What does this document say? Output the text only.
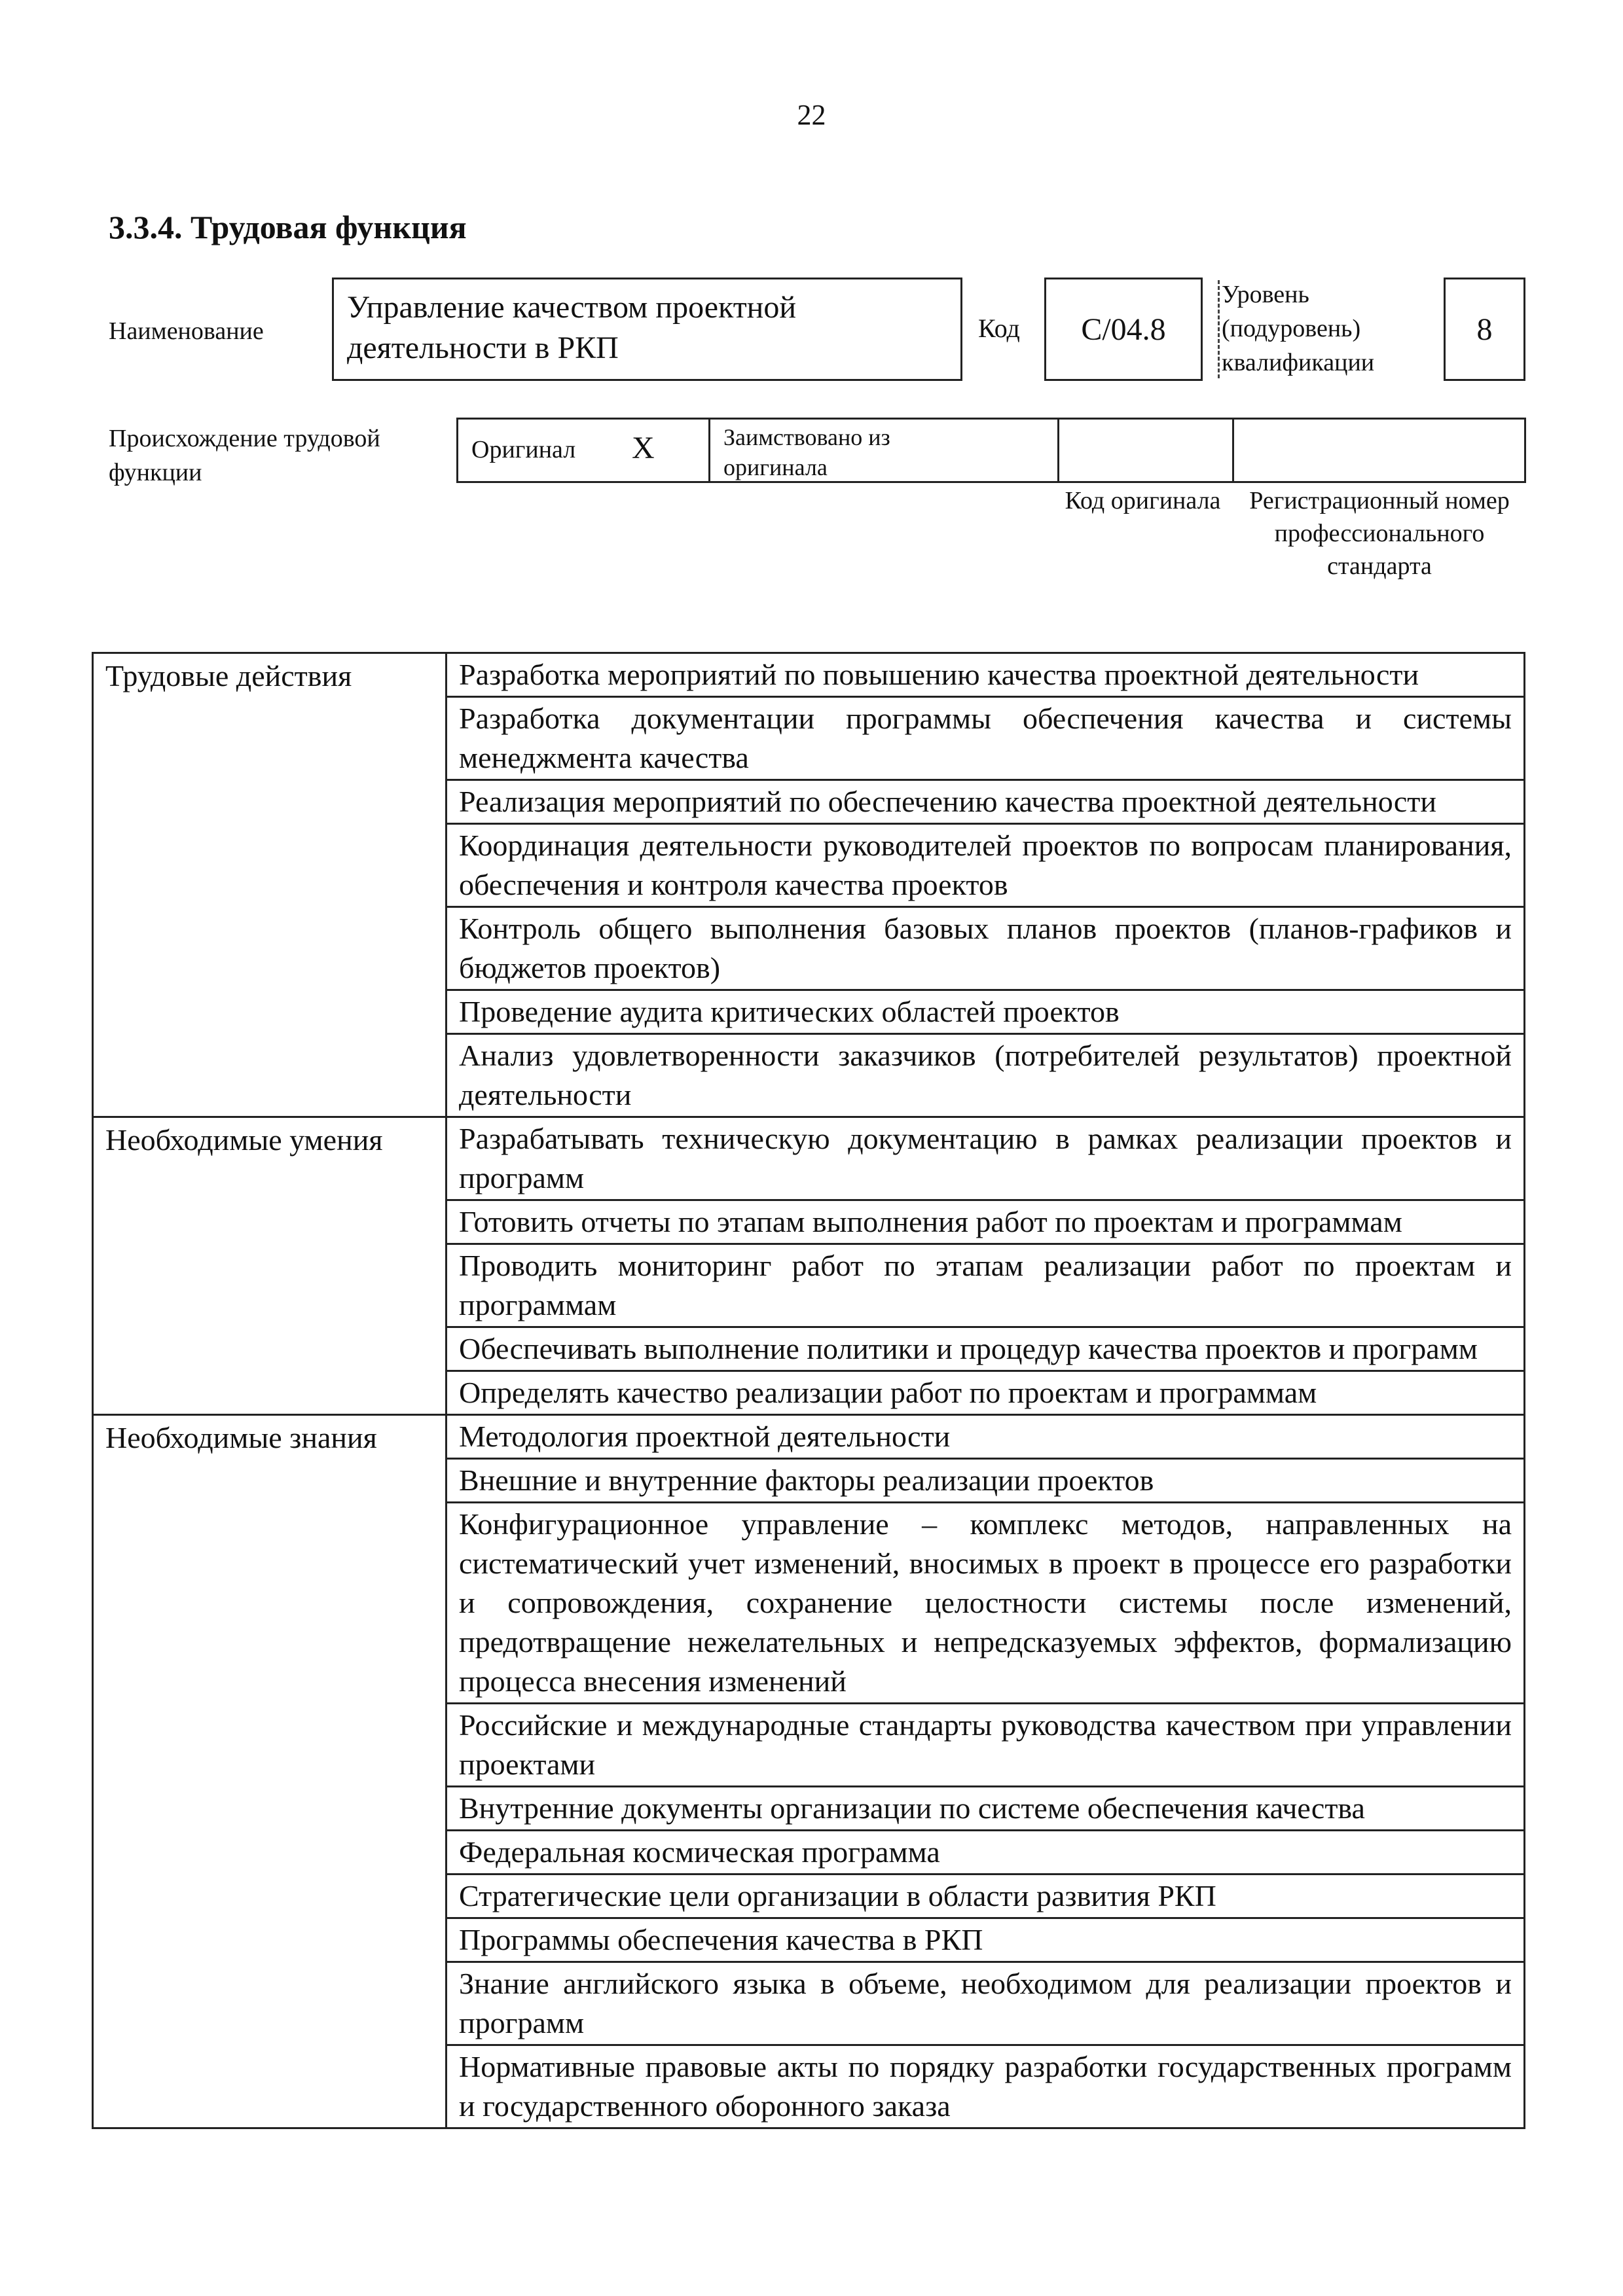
22
3.3.4. Трудовая функция
Наименование
Управление качеством проектной деятельности в РКП
Код	C/04.8
Уровень (подуровень) квалификации
8
Происхождение трудовой функции
Оригинал X	Заимствовано из оригинала
Код оригинала	Регистрационный номер профессионального стандарта
Трудовые действия	Разработка мероприятий по повышению качества проектной деятельности
	Разработка документации программы обеспечения качества и системы менеджмента качества
	Реализация мероприятий по обеспечению качества проектной деятельности
	Координация деятельности руководителей проектов по вопросам планирования, обеспечения и контроля качества проектов
	Контроль общего выполнения базовых планов проектов (планов-графиков и бюджетов проектов)
	Проведение аудита критических областей проектов
	Анализ удовлетворенности заказчиков (потребителей результатов) проектной деятельности
Необходимые умения	Разрабатывать техническую документацию в рамках реализации проектов и программ
	Готовить отчеты по этапам выполнения работ по проектам и программам
	Проводить мониторинг работ по этапам реализации работ по проектам и программам
	Обеспечивать выполнение политики и процедур качества проектов и программ
	Определять качество реализации работ по проектам и программам
Необходимые знания	Методология проектной деятельности
	Внешние и внутренние факторы реализации проектов
	Конфигурационное управление – комплекс методов, направленных на систематический учет изменений, вносимых в проект в процессе его разработки и сопровождения, сохранение целостности системы после изменений, предотвращение нежелательных и непредсказуемых эффектов, формализацию процесса внесения изменений
	Российские и международные стандарты руководства качеством при управлении проектами
	Внутренние документы организации по системе обеспечения качества
	Федеральная космическая программа
	Стратегические цели организации в области развития РКП
	Программы обеспечения качества в РКП
	Знание английского языка в объеме, необходимом для реализации проектов и программ
	Нормативные правовые акты по порядку разработки государственных программ и государственного оборонного заказа
